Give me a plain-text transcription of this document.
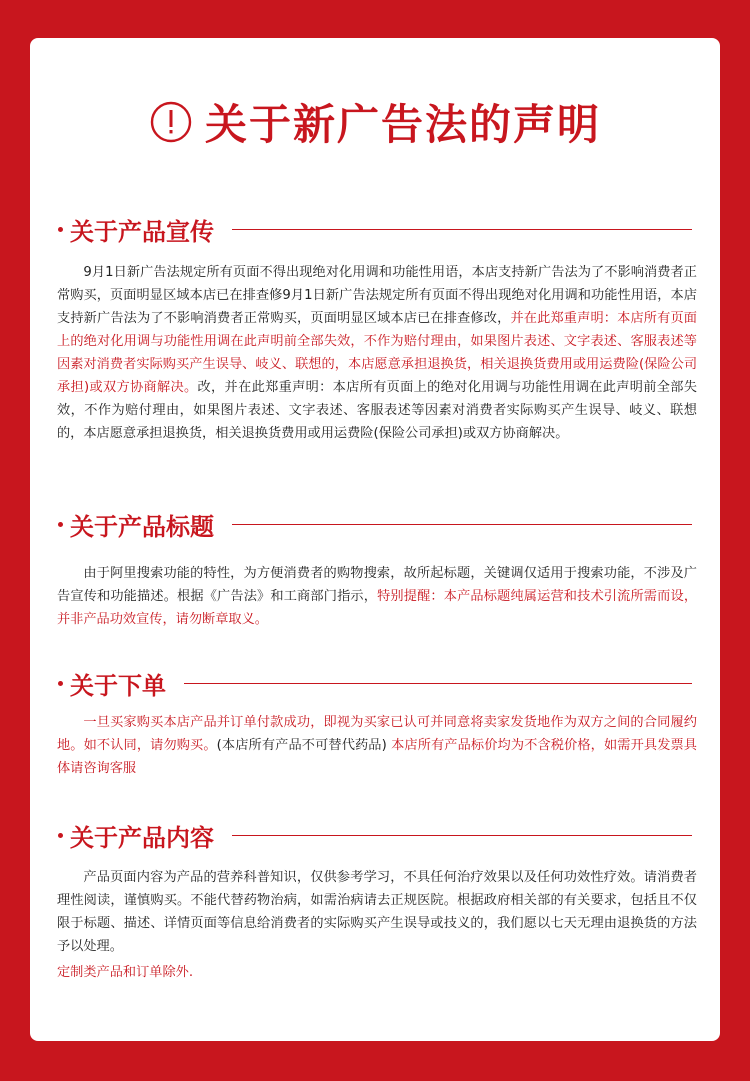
关于新广告法的声明
关于产品宣传

9月1日新广告法规定所有页面不得出现绝对化用调和功能性用语，本店支持新广告法为了不影响消费者正常购买，页面明显区域本店已在排查修9月1日新广告法规定所有页面不得出现绝对化用调和功能性用语，本店支持新广告法为了不影响消费者正常购买，页面明显区域本店已在排查修改，并在此郑重声明：本店所有页面上的绝对化用调与功能性用调在此声明前全部失效，不作为赔付理由，如果图片表述、文字表述、客服表述等因素对消费者实际购买产生误导、岐义、联想的，本店愿意承担退换货，相关退换货费用或用运费险(保险公司承担)或双方协商解决。改，并在此郑重声明：本店所有页面上的绝对化用调与功能性用调在此声明前全部失效，不作为赔付理由，如果图片表述、文字表述、客服表述等因素对消费者实际购买产生误导、岐义、联想的，本店愿意承担退换货，相关退换货费用或用运费险(保险公司承担)或双方协商解决。

关于产品标题

由于阿里搜索功能的特性，为方便消费者的购物搜索，故所起标题，关键调仅适用于搜索功能，不涉及广告宣传和功能描述。根据《广告法》和工商部门指示，特别提醒：本产品标题纯属运营和技术引流所需而设，并非产品功效宣传，请勿断章取义。

关于下单

一旦买家购买本店产品并订单付款成功，即视为买家已认可并同意将卖家发货地作为双方之间的合同履约地。如不认同，请勿购买。(本店所有产品不可替代药品) 本店所有产品标价均为不含税价格，如需开具发票具体请咨询客服

关于产品内容

产品页面内容为产品的营养科普知识，仅供参考学习，不具任何治疗效果以及任何功效性疗效。请消费者理性阅读，谨慎购买。不能代替药物治病，如需治病请去正规医院。根据政府相关部的有关要求，包括且不仅限于标题、描述、详情页面等信息给消费者的实际购买产生误导或技义的，我们愿以七天无理由退换货的方法予以处理。

定制类产品和订单除外.
